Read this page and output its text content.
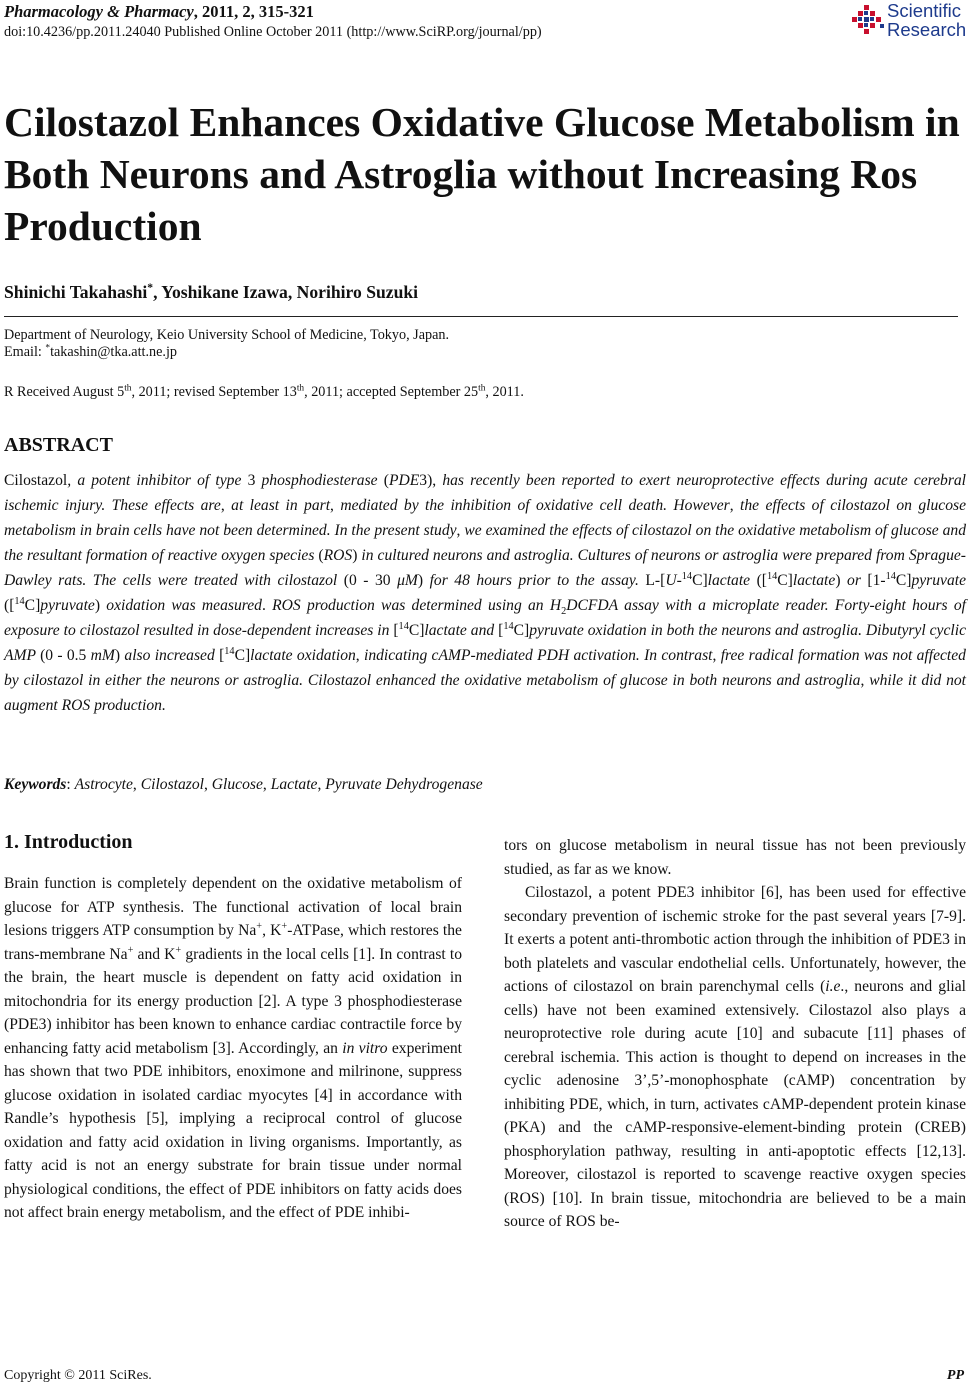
Pharmacology & Pharmacy, 2011, 2, 315-321
doi:10.4236/pp.2011.24040 Published Online October 2011 (http://www.SciRP.org/journal/pp)
Scientific
Research
Cilostazol Enhances Oxidative Glucose Metabolism in Both Neurons and Astroglia without Increasing Ros Production
Shinichi Takahashi*, Yoshikane Izawa, Norihiro Suzuki
Department of Neurology, Keio University School of Medicine, Tokyo, Japan.
Email: *takashin@tka.att.ne.jp
R Received August 5th, 2011; revised September 13th, 2011; accepted September 25th, 2011.
ABSTRACT

Cilostazol, a potent inhibitor of type 3 phosphodiesterase (PDE3), has recently been reported to exert neuroprotective effects during acute cerebral ischemic injury. These effects are, at least in part, mediated by the inhibition of oxidative cell death. However, the effects of cilostazol on glucose metabolism in brain cells have not been determined. In the present study, we examined the effects of cilostazol on the oxidative metabolism of glucose and the resultant formation of reactive oxygen species (ROS) in cultured neurons and astroglia. Cultures of neurons or astroglia were prepared from Sprague-Dawley rats. The cells were treated with cilostazol (0 - 30 μM) for 48 hours prior to the assay. L-[U-$^{14}$C]lactate ([$^{14}$C]lactate) or [1-$^{14}$C]pyruvate ([$^{14}$C]pyruvate) oxidation was measured. ROS production was determined using an $H_2DCFDA$ assay with a microplate reader. Forty-eight hours of exposure to cilostazol resulted in dose-dependent increases in [$^{14}$C]lactate and [$^{14}$C]pyruvate oxidation in both the neurons and astroglia. Dibutyryl cyclic AMP (0 - 0.5 mM) also increased [$^{14}$C]lactate oxidation, indicating cAMP-mediated PDH activation. In contrast, free radical formation was not affected by cilostazol in either the neurons or astroglia. Cilostazol enhanced the oxidative metabolism of glucose in both neurons and astroglia, while it did not augment ROS production.

Keywords: Astrocyte, Cilostazol, Glucose, Lactate, Pyruvate Dehydrogenase
1. Introduction

Brain function is completely dependent on the oxidative metabolism of glucose for ATP synthesis. The functional activation of local brain lesions triggers ATP consumption by Na+, K+-ATPase, which restores the trans-membrane Na+ and K+ gradients in the local cells [1]. In contrast to the brain, the heart muscle is dependent on fatty acid oxidation in mitochondria for its energy production [2]. A type 3 phosphodiesterase (PDE3) inhibitor has been known to enhance cardiac contractile force by enhancing fatty acid metabolism [3]. Accordingly, an in vitro experiment has shown that two PDE inhibitors, enoximone and milrinone, suppress glucose oxidation in isolated cardiac myocytes [4] in accordance with Randle’s hypothesis [5], implying a reciprocal control of glucose oxidation and fatty acid oxidation in living organisms. Importantly, as fatty acid is not an energy substrate for brain tissue under normal physiological conditions, the effect of PDE inhibitors on fatty acids does not affect brain energy metabolism, and the effect of PDE inhibi-

tors on glucose metabolism in neural tissue has not been previously studied, as far as we know.

Cilostazol, a potent PDE3 inhibitor [6], has been used for effective secondary prevention of ischemic stroke for the past several years [7-9]. It exerts a potent anti-thrombotic action through the inhibition of PDE3 in both platelets and vascular endothelial cells. Unfortunately, however, the actions of cilostazol on brain parenchymal cells (i.e., neurons and glial cells) have not been examined extensively. Cilostazol also plays a neuroprotective role during acute [10] and subacute [11] phases of cerebral ischemia. This action is thought to depend on increases in the cyclic adenosine 3’,5’-monophosphate (cAMP) concentration by inhibiting PDE, which, in turn, activates cAMP-dependent protein kinase (PKA) and the cAMP-responsive-element-binding protein (CREB) phosphorylation pathway, resulting in anti-apoptotic effects [12,13]. Moreover, cilostazol is reported to scavenge reactive oxygen species (ROS) [10]. In brain tissue, mitochondria are believed to be a main source of ROS be-

Copyright © 2011 SciRes.	PP
